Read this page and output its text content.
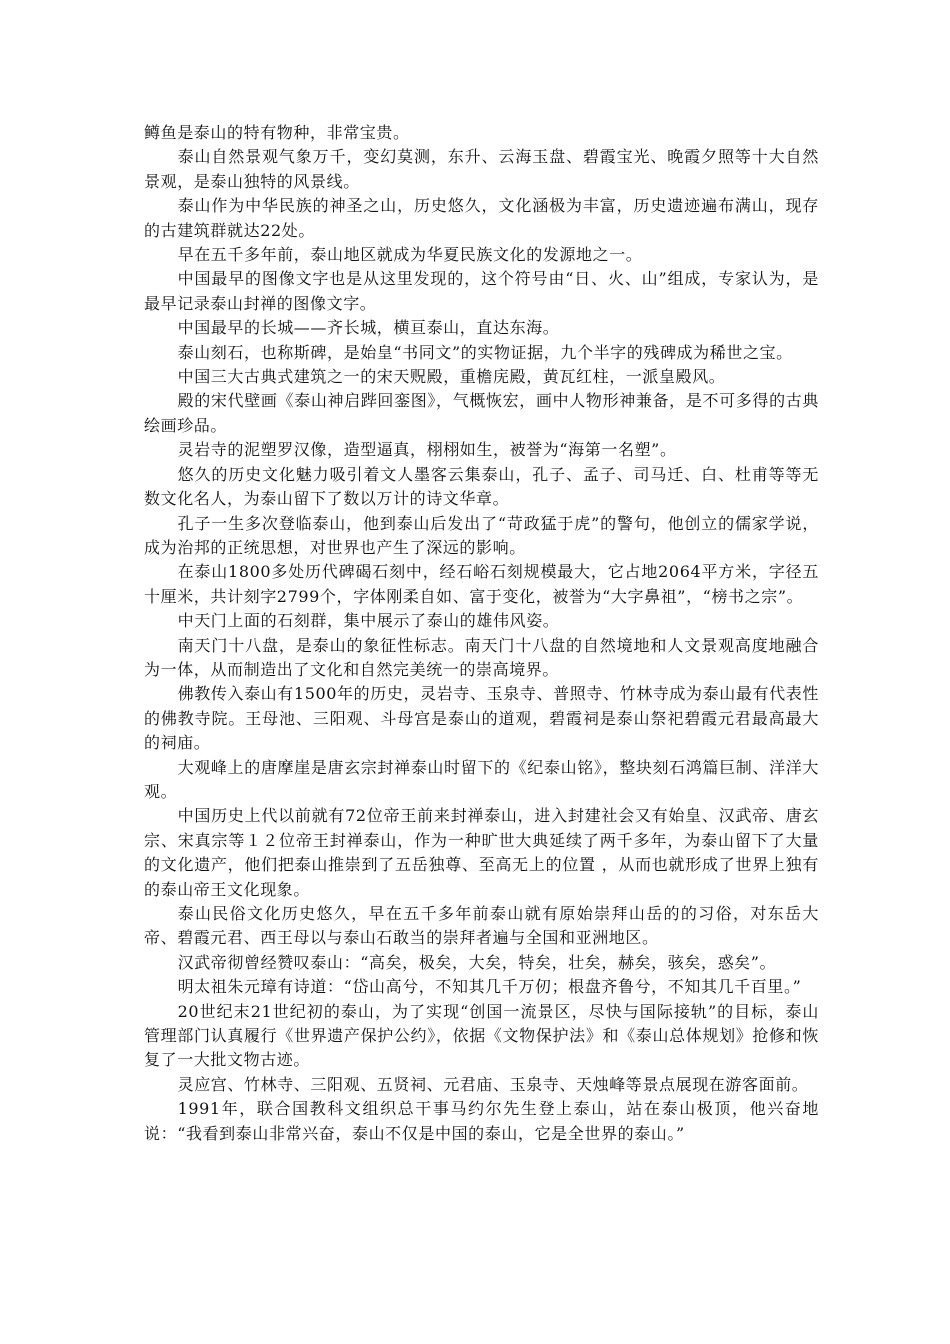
鳟鱼是泰山的特有物种，非常宝贵。

泰山自然景观气象万千，变幻莫测，东升、云海玉盘、碧霞宝光、晚霞夕照等十大自然景观，是泰山独特的风景线。

泰山作为中华民族的神圣之山，历史悠久，文化涵极为丰富，历史遗迹遍布满山，现存的古建筑群就达22处。

早在五千多年前，泰山地区就成为华夏民族文化的发源地之一。

中国最早的图像文字也是从这里发现的，这个符号由“日、火、山”组成，专家认为，是最早记录泰山封禅的图像文字。

中国最早的长城——齐长城，横亘泰山，直达东海。

泰山刻石，也称斯碑，是始皇“书同文”的实物证据，九个半字的残碑成为稀世之宝。

中国三大古典式建筑之一的宋天贶殿，重檐庑殿，黄瓦红柱，一派皇殿风。

殿的宋代壁画《泰山神启跸回銮图》，气概恢宏，画中人物形神兼备，是不可多得的古典绘画珍品。

灵岩寺的泥塑罗汉像，造型逼真，栩栩如生，被誉为“海第一名塑”。

悠久的历史文化魅力吸引着文人墨客云集泰山，孔子、孟子、司马迁、白、杜甫等等无数文化名人，为泰山留下了数以万计的诗文华章。

孔子一生多次登临泰山，他到泰山后发出了“苛政猛于虎”的警句，他创立的儒家学说，成为治邦的正统思想，对世界也产生了深远的影响。

在泰山1800多处历代碑碣石刻中，经石峪石刻规模最大，它占地2064平方米，字径五十厘米，共计刻字2799个，字体刚柔自如、富于变化，被誉为“大字鼻祖”，“榜书之宗”。

中天门上面的石刻群，集中展示了泰山的雄伟风姿。

南天门十八盘，是泰山的象征性标志。南天门十八盘的自然境地和人文景观高度地融合为一体，从而制造出了文化和自然完美统一的崇高境界。

佛教传入泰山有1500年的历史，灵岩寺、玉泉寺、普照寺、竹林寺成为泰山最有代表性的佛教寺院。王母池、三阳观、斗母宫是泰山的道观，碧霞祠是泰山祭祀碧霞元君最高最大的祠庙。

大观峰上的唐摩崖是唐玄宗封禅泰山时留下的《纪泰山铭》，整块刻石鸿篇巨制、洋洋大观。

中国历史上代以前就有72位帝王前来封禅泰山，进入封建社会又有始皇、汉武帝、唐玄宗、宋真宗等１２位帝王封禅泰山，作为一种旷世大典延续了两千多年，为泰山留下了大量的文化遗产，他们把泰山推崇到了五岳独尊、至高无上的位置 ，从而也就形成了世界上独有的泰山帝王文化现象。

泰山民俗文化历史悠久，早在五千多年前泰山就有原始崇拜山岳的的习俗，对东岳大帝、碧霞元君、西王母以与泰山石敢当的崇拜者遍与全国和亚洲地区。

汉武帝彻曾经赞叹泰山：“高矣，极矣，大矣，特矣，壮矣，赫矣，骇矣，惑矣”。

明太祖朱元璋有诗道：“岱山高兮，不知其几千万仞；根盘齐鲁兮，不知其几千百里。”

20世纪末21世纪初的泰山，为了实现“创国一流景区，尽快与国际接轨”的目标，泰山管理部门认真履行《世界遗产保护公约》，依据《文物保护法》和《泰山总体规划》抢修和恢复了一大批文物古迹。

灵应宫、竹林寺、三阳观、五贤祠、元君庙、玉泉寺、天烛峰等景点展现在游客面前。

1991年，联合国教科文组织总干事马约尔先生登上泰山，站在泰山极顶，他兴奋地说：“我看到泰山非常兴奋，泰山不仅是中国的泰山，它是全世界的泰山。”
